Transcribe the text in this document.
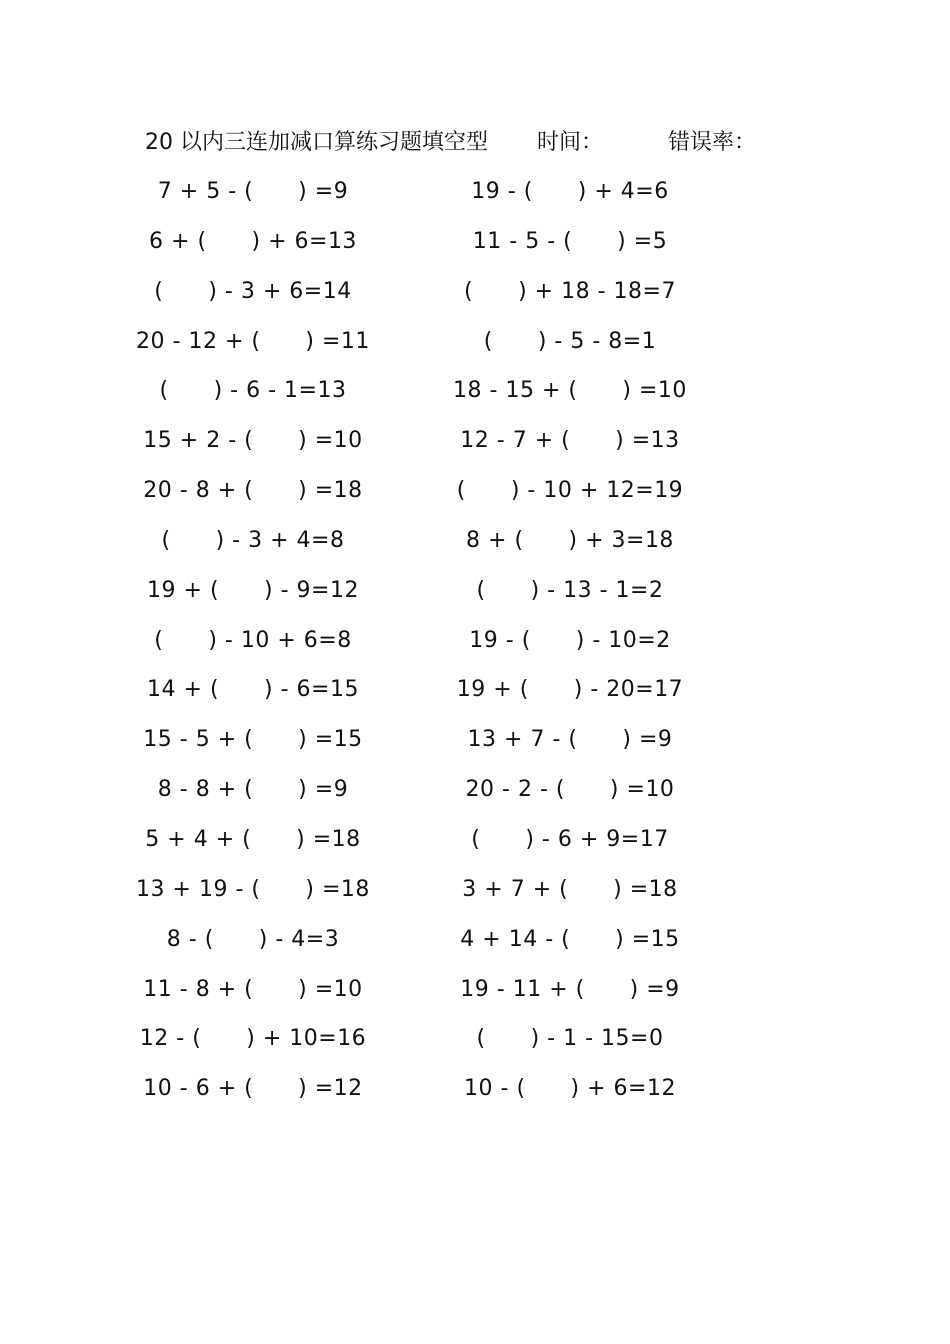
20 以内三连加减口算练习题填空型 时间：	错误率：
7 + 5 - (      ) =9
6 + (      ) + 6=13
(      ) - 3 + 6=14
20 - 12 + (      ) =11
(      ) - 6 - 1=13
15 + 2 - (      ) =10
20 - 8 + (      ) =18
(      ) - 3 + 4=8
19 + (      ) - 9=12
(      ) - 10 + 6=8
14 + (      ) - 6=15
15 - 5 + (      ) =15
8 - 8 + (      ) =9
5 + 4 + (      ) =18
13 + 19 - (      ) =18
8 - (      ) - 4=3
11 - 8 + (      ) =10
12 - (      ) + 10=16
10 - 6 + (      ) =12
19 - (      ) + 4=6
11 - 5 - (      ) =5
(      ) + 18 - 18=7
(      ) - 5 - 8=1
18 - 15 + (      ) =10
12 - 7 + (      ) =13
(      ) - 10 + 12=19
8 + (      ) + 3=18
(      ) - 13 - 1=2
19 - (      ) - 10=2
19 + (      ) - 20=17
13 + 7 - (      ) =9
20 - 2 - (      ) =10
(      ) - 6 + 9=17
3 + 7 + (      ) =18
4 + 14 - (      ) =15
19 - 11 + (      ) =9
(      ) - 1 - 15=0
10 - (      ) + 6=12
